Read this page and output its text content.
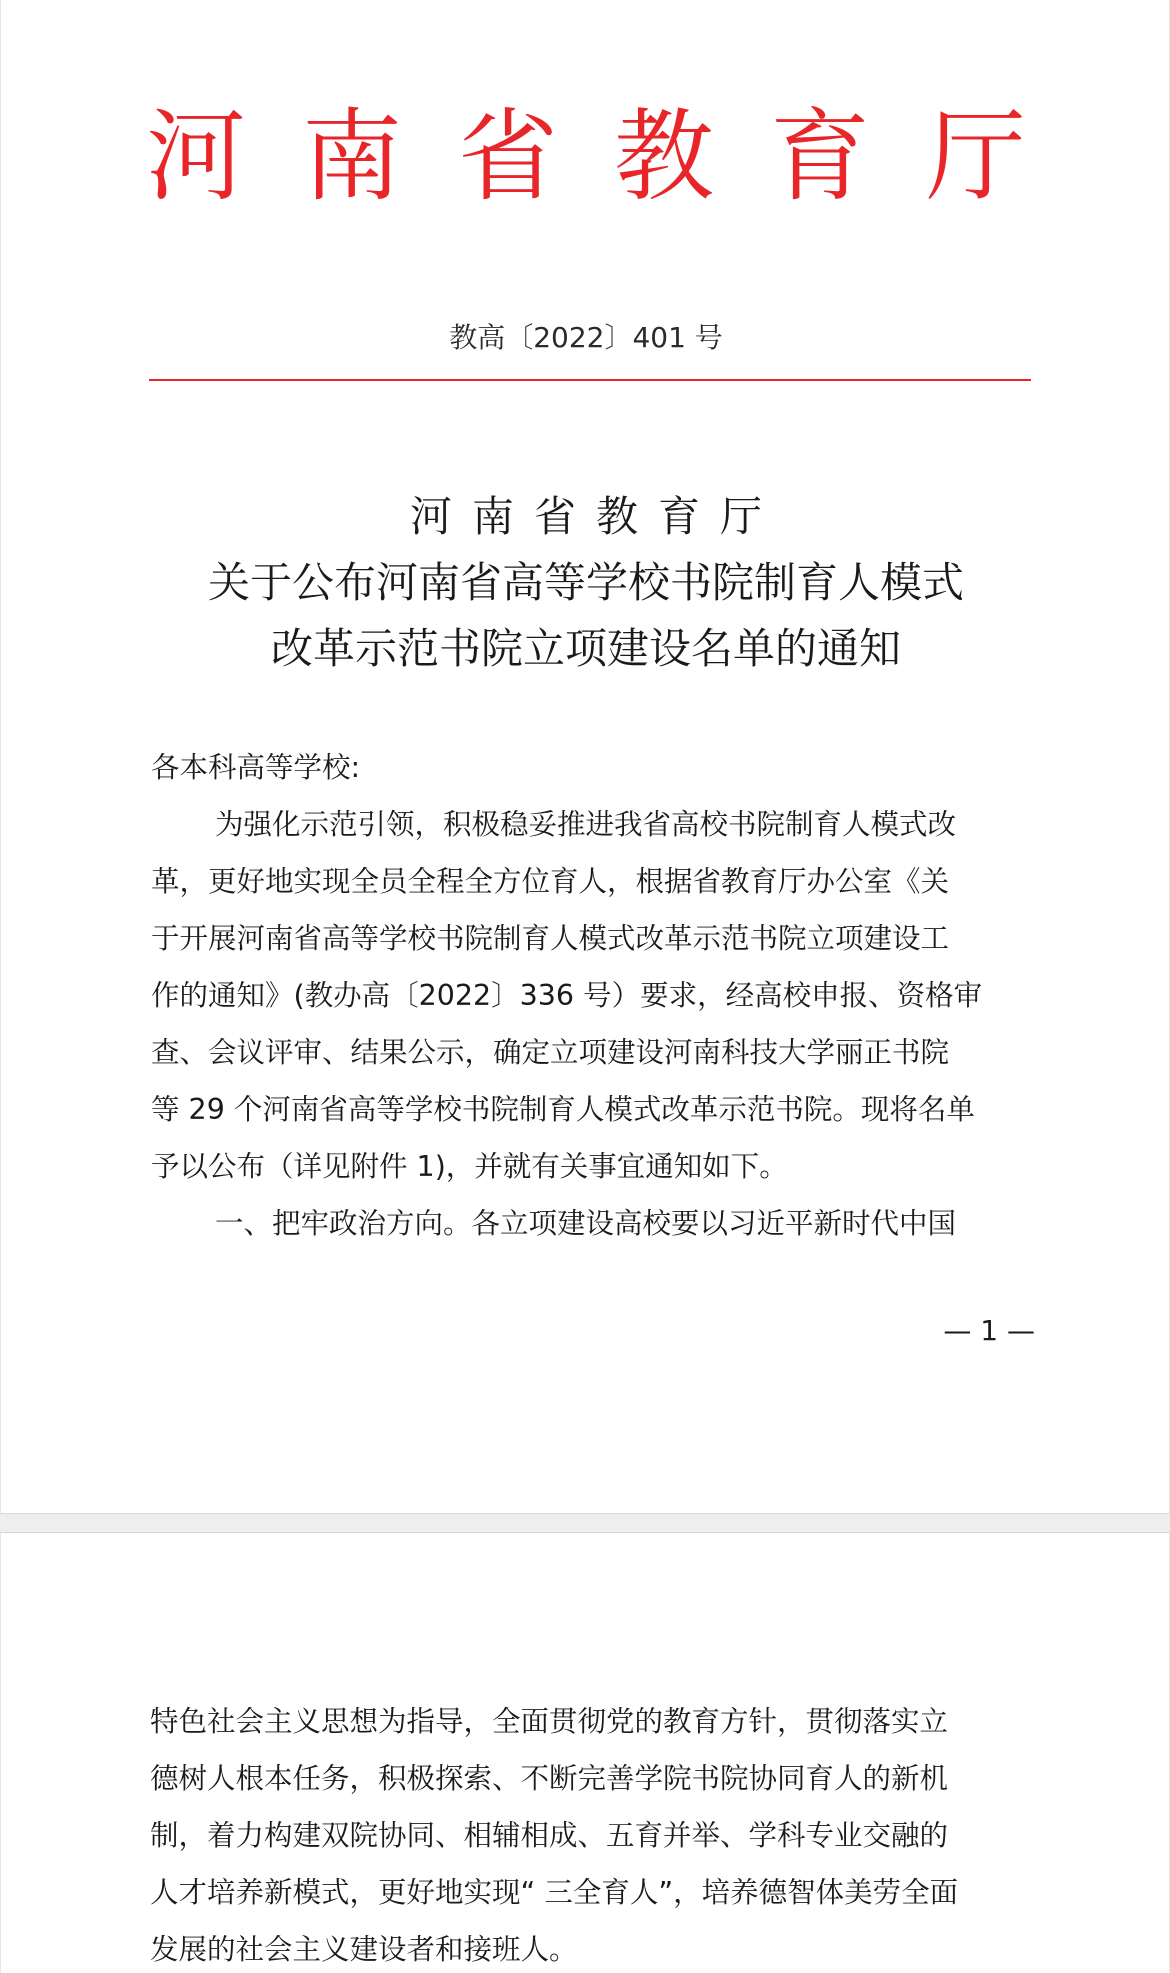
河南省教育厅
教高〔2022〕401 号
河南省教育厅
关于公布河南省高等学校书院制育人模式
改革示范书院立项建设名单的通知

各本科高等学校:

为强化示范引领，积极稳妥推进我省高校书院制育人模式改
革，更好地实现全员全程全方位育人，根据省教育厅办公室《关
于开展河南省高等学校书院制育人模式改革示范书院立项建设工
作的通知》(教办高〔2022〕336 号）要求，经高校申报、资格审
查、会议评审、结果公示，确定立项建设河南科技大学丽正书院
等 29 个河南省高等学校书院制育人模式改革示范书院。现将名单
予以公布（详见附件 1)，并就有关事宜通知如下。
一、把牢政治方向。各立项建设高校要以习近平新时代中国
— 1 —
特色社会主义思想为指导，全面贯彻党的教育方针，贯彻落实立
德树人根本任务，积极探索、不断完善学院书院协同育人的新机
制，着力构建双院协同、相辅相成、五育并举、学科专业交融的
人才培养新模式，更好地实现“ 三全育人”，培养德智体美劳全面
发展的社会主义建设者和接班人。
